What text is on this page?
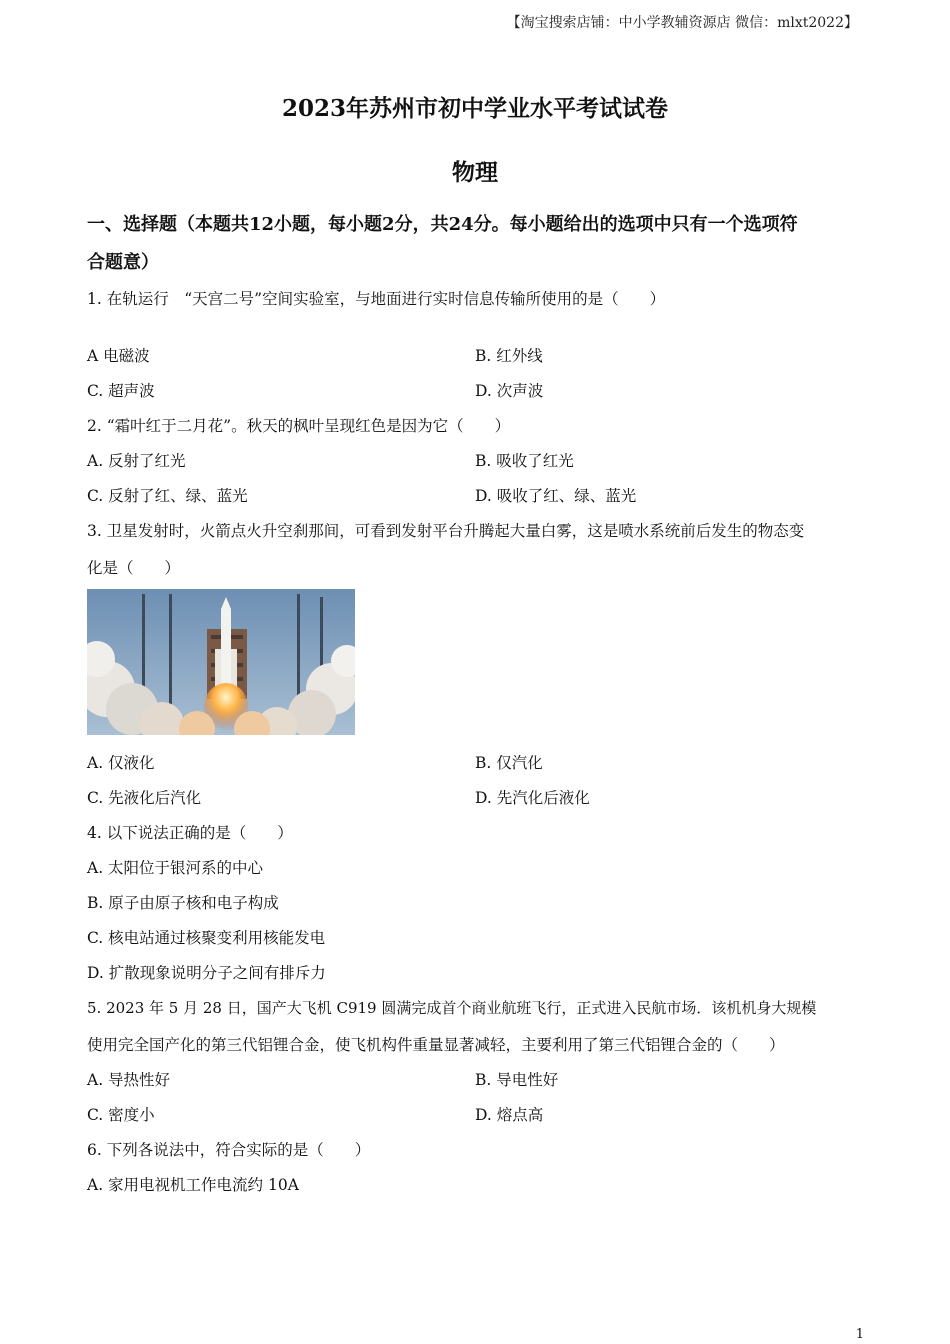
【淘宝搜索店铺：中小学教辅资源店 微信：mlxt2022】
2023年苏州市初中学业水平考试试卷
物理
一、选择题（本题共12小题，每小题2分，共24分。每小题给出的选项中只有一个选项符
合题意）
1. 在轨运行　“天宫二号”空间实验室，与地面进行实时信息传输所使用的是（　　）
A 电磁波	B. 红外线
C. 超声波	D. 次声波
2. “霜叶红于二月花”。秋天的枫叶呈现红色是因为它（　　）
A. 反射了红光	B. 吸收了红光
C. 反射了红、绿、蓝光	D. 吸收了红、绿、蓝光
3. 卫星发射时，火箭点火升空刹那间，可看到发射平台升腾起大量白雾，这是喷水系统前后发生的物态变
化是（　　）
A. 仅液化	B. 仅汽化
C. 先液化后汽化	D. 先汽化后液化
4. 以下说法正确的是（　　）
A. 太阳位于银河系的中心
B. 原子由原子核和电子构成
C. 核电站通过核聚变利用核能发电
D. 扩散现象说明分子之间有排斥力
5. 2023 年 5 月 28 日，国产大飞机 C919 圆满完成首个商业航班飞行，正式进入民航市场．该机机身大规模
使用完全国产化的第三代铝锂合金，使飞机构件重量显著减轻，主要利用了第三代铝锂合金的（　　）
A. 导热性好	B. 导电性好
C. 密度小	D. 熔点高
6. 下列各说法中，符合实际的是（　　）
A. 家用电视机工作电流约 10A
1
